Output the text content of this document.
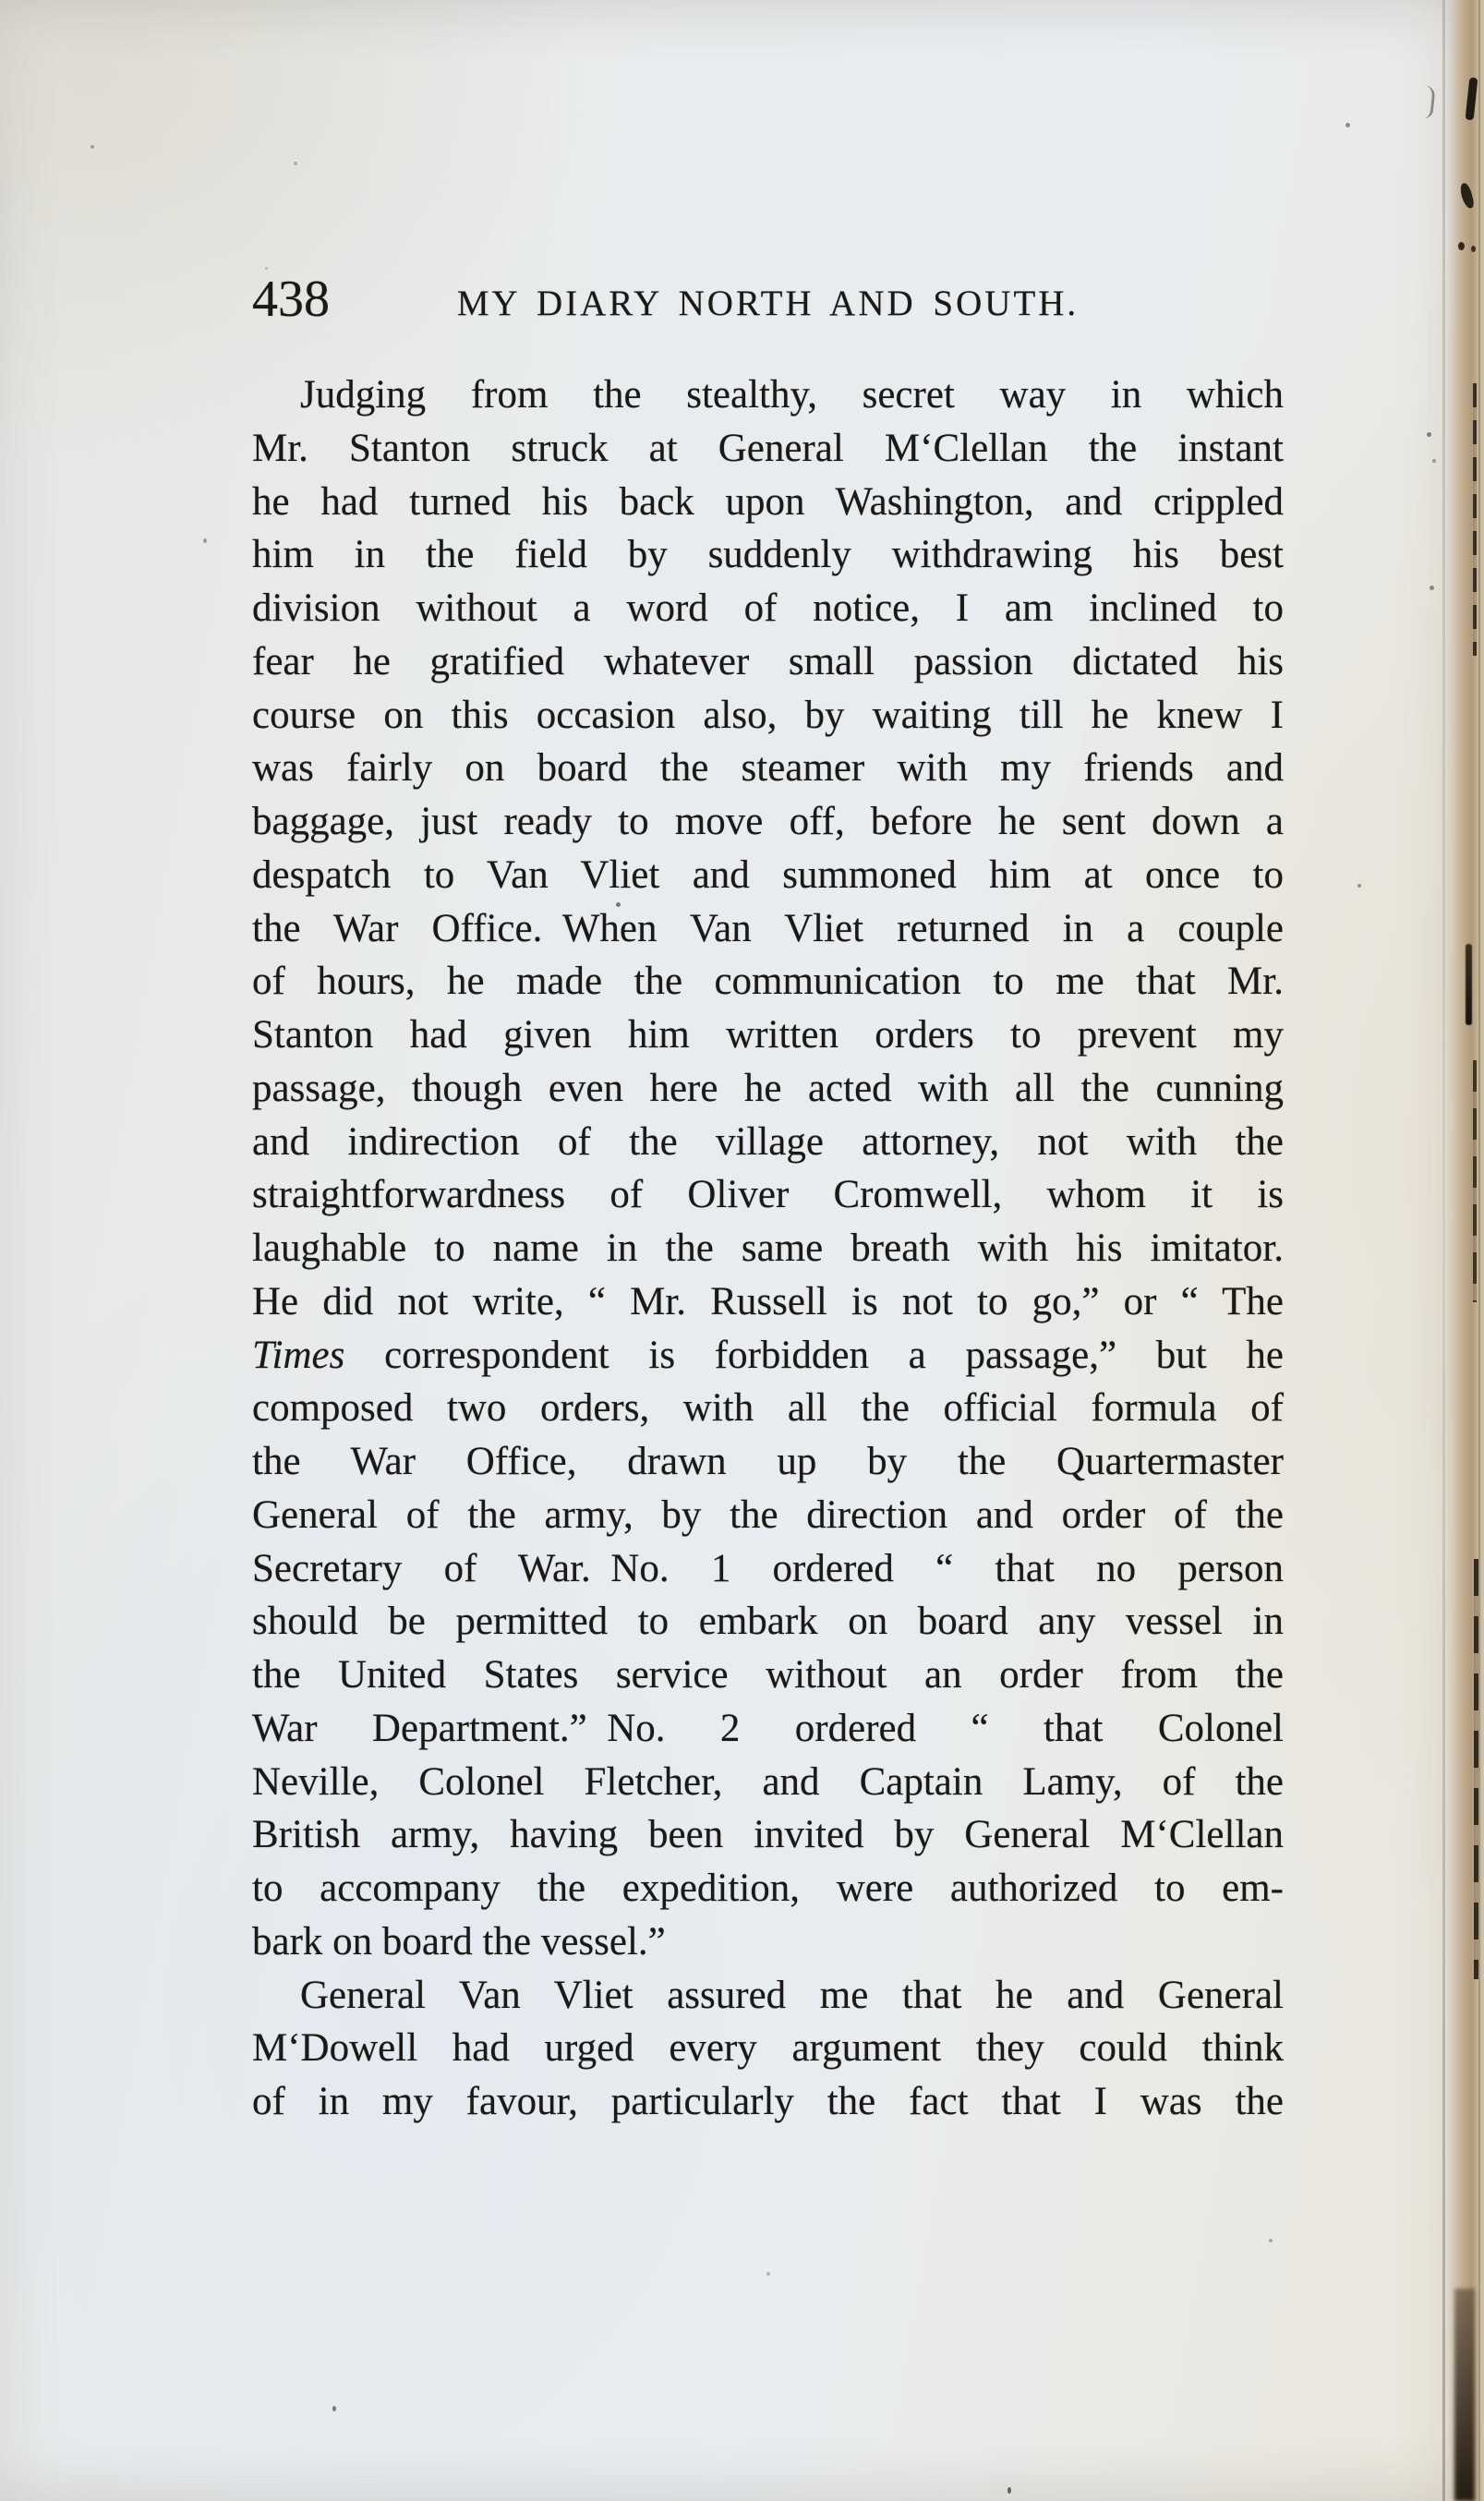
438	MY DIARY NORTH AND SOUTH.
Judging from the stealthy, secret way in which
Mr. Stanton struck at General M‘Clellan the instant
he had turned his back upon Washington, and crippled
him in the field by suddenly withdrawing his best
division without a word of notice, I am inclined to
fear he gratified whatever small passion dictated his
course on this occasion also, by waiting till he knew I
was fairly on board the steamer with my friends and
baggage, just ready to move off, before he sent down a
despatch to Van Vliet and summoned him at once to
the War Office. When Van Vliet returned in a couple
of hours, he made the communication to me that Mr.
Stanton had given him written orders to prevent my
passage, though even here he acted with all the cunning
and indirection of the village attorney, not with the
straightforwardness of Oliver Cromwell, whom it is
laughable to name in the same breath with his imitator.
He did not write, “ Mr. Russell is not to go,” or “ The
Times correspondent is forbidden a passage,” but he
composed two orders, with all the official formula of
the War Office, drawn up by the Quartermaster
General of the army, by the direction and order of the
Secretary of War. No. 1 ordered “ that no person
should be permitted to embark on board any vessel in
the United States service without an order from the
War Department.” No. 2 ordered “ that Colonel
Neville, Colonel Fletcher, and Captain Lamy, of the
British army, having been invited by General M‘Clellan
to accompany the expedition, were authorized to em-
bark on board the vessel.”
General Van Vliet assured me that he and General
M‘Dowell had urged every argument they could think
of in my favour, particularly the fact that I was the
